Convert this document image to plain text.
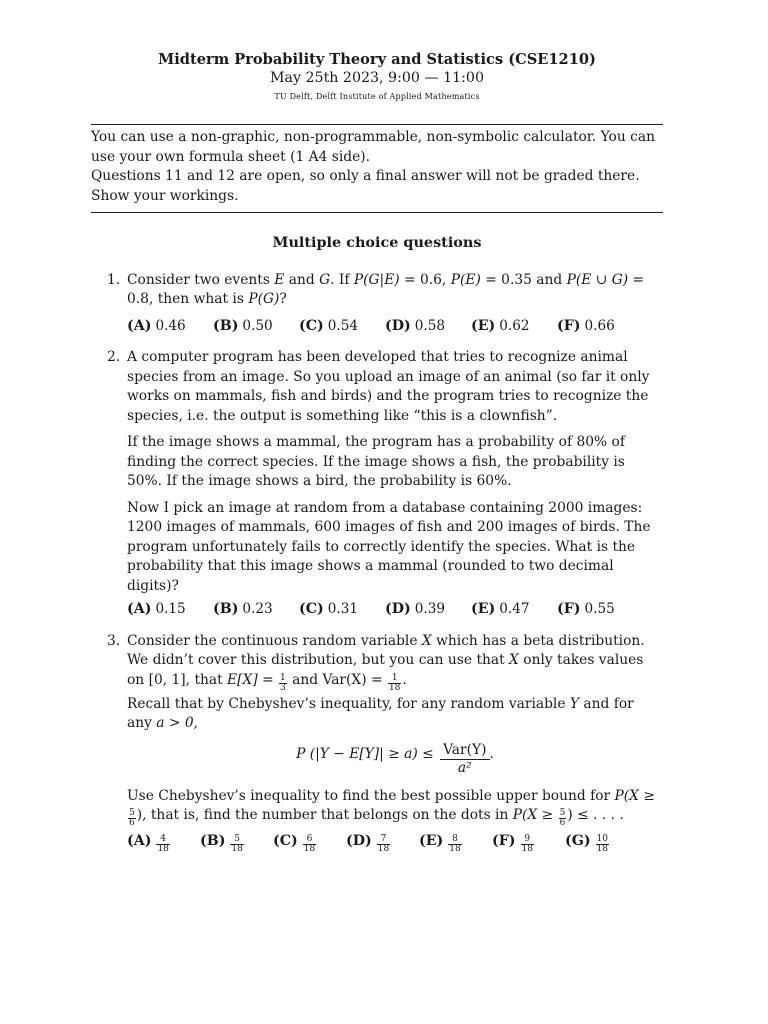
Midterm Probability Theory and Statistics (CSE1210)
May 25th 2023, 9:00 — 11:00
TU Delft, Delft Institute of Applied Mathematics

You can use a non-graphic, non-programmable, non-symbolic calculator. You can use your own formula sheet (1 A4 side).

Questions 11 and 12 are open, so only a final answer will not be graded there. Show your workings.

Multiple choice questions
1. Consider two events E and G. If P(G|E) = 0.6, P(E) = 0.35 and P(E ∪ G) = 0.8, then what is P(G)?

(A) 0.46	(B) 0.50	(C) 0.54	(D) 0.58	(E) 0.62	(F) 0.66
2. A computer program has been developed that tries to recognize animal species from an image. So you upload an image of an animal (so far it only works on mammals, fish and birds) and the program tries to recognize the species, i.e. the output is something like “this is a clownfish”.

If the image shows a mammal, the program has a probability of 80% of finding the correct species. If the image shows a fish, the probability is 50%. If the image shows a bird, the probability is 60%.

Now I pick an image at random from a database containing 2000 images: 1200 images of mammals, 600 images of fish and 200 images of birds. The program unfortunately fails to correctly identify the species. What is the probability that this image shows a mammal (rounded to two decimal digits)?

(A) 0.15	(B) 0.23	(C) 0.31	(D) 0.39	(E) 0.47	(F) 0.55
3. Consider the continuous random variable X which has a beta distribution. We didn’t cover this distribution, but you can use that X only takes values on [0, 1], that $E[X] = \frac{1}{3}$ and $Var(X) = \frac{1}{18}$ .

Recall that by Chebyshev’s inequality, for any random variable Y and for any a > 0,

P (|Y − E[Y]| ≥ a) ≤ Var(Y)
a²
.

Use Chebyshev’s inequality to find the best possible upper bound for P(X ≥
$\frac{5}{6}$ ), that is, find the number that belongs on the dots in $P(X \ge \frac{5}{6}$ ) ≤ . . . .

$(A) \frac{4}{18} (B) \frac{5}{18} (C) \frac{6}{18} (D) \frac{7}{18} (E) \frac{8}{18} (F) \frac{9}{18} (G) \frac{10}{18}$
